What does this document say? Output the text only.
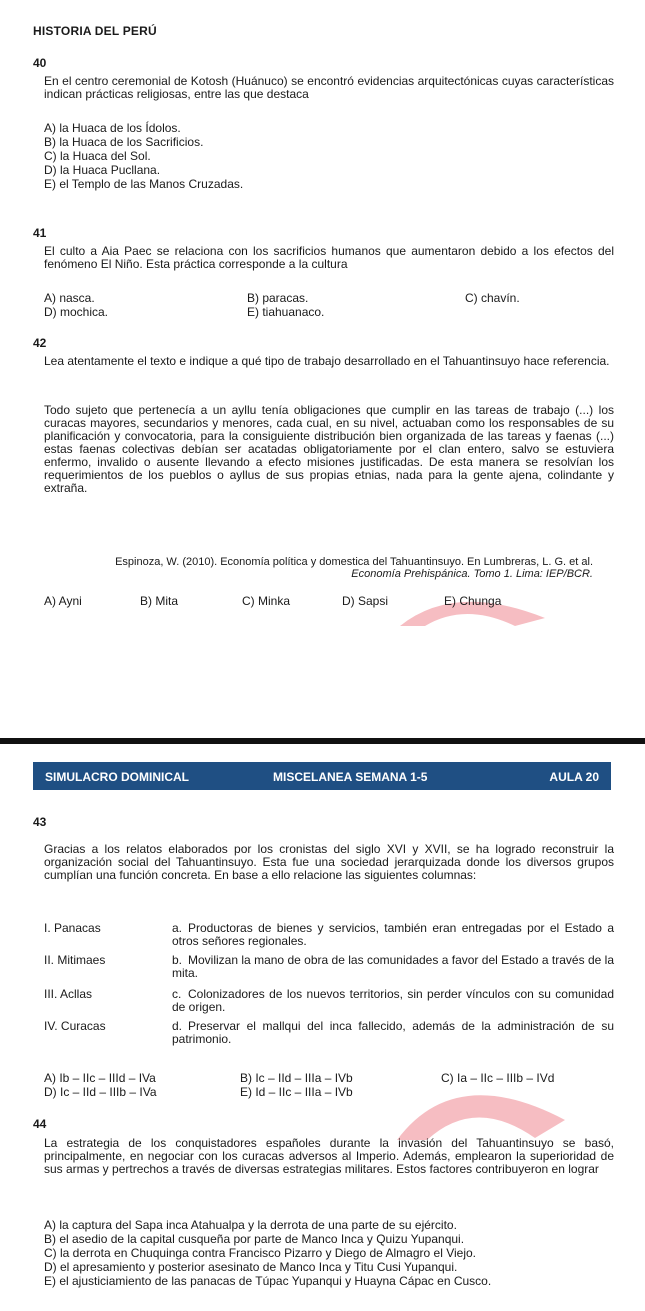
HISTORIA DEL PERÚ
40
En el centro ceremonial de Kotosh (Huánuco) se encontró evidencias arquitectónicas cuyas características indican prácticas religiosas, entre las que destaca
A) la Huaca de los Ídolos.
B) la Huaca de los Sacrificios.
C) la Huaca del Sol.
D) la Huaca Pucllana.
E) el Templo de las Manos Cruzadas.
41
El culto a Aia Paec se relaciona con los sacrificios humanos que aumentaron debido a los efectos del fenómeno El Niño. Esta práctica corresponde a la cultura
A) nasca.	B) paracas.	C) chavín.
D) mochica.	E) tiahuanaco.
42
Lea atentamente el texto e indique a qué tipo de trabajo desarrollado en el Tahuantinsuyo hace referencia.
Todo sujeto que pertenecía a un ayllu tenía obligaciones que cumplir en las tareas de trabajo (...) los curacas mayores, secundarios y menores, cada cual, en su nivel, actuaban como los responsables de su planificación y convocatoria, para la consiguiente distribución bien organizada de las tareas y faenas (...) estas faenas colectivas debían ser acatadas obligatoriamente por el clan entero, salvo se estuviera enfermo, invalido o ausente llevando a efecto misiones justificadas. De esta manera se resolvían los requerimientos de los pueblos o ayllus de sus propias etnias, nada para la gente ajena, colindante y extraña.
Espinoza, W. (2010). Economía política y domestica del Tahuantinsuyo. En Lumbreras, L. G. et al.
Economía Prehispánica. Tomo 1. Lima: IEP/BCR.
A) Ayni	B) Mita	C) Minka	D) Sapsi	E) Chunga
SIMULACRO DOMINICAL	MISCELANEA SEMANA 1-5	AULA 20
43
Gracias a los relatos elaborados por los cronistas del siglo XVI y XVII, se ha logrado reconstruir la organización social del Tahuantinsuyo. Esta fue una sociedad jerarquizada donde los diversos grupos cumplían una función concreta. En base a ello relacione las siguientes columnas:
I. Panacas	a. Productoras de bienes y servicios, también eran entregadas por el Estado a otros señores regionales.
II. Mitimaes	b. Movilizan la mano de obra de las comunidades a favor del Estado a través de la mita.
III. Acllas	c. Colonizadores de los nuevos territorios, sin perder vínculos con su comunidad de origen.
IV. Curacas	d. Preservar el mallqui del inca fallecido, además de la administración de su patrimonio.
A) Ib – IIc – IIId – IVa	B) Ic – IId – IIIa – IVb	C) Ia – IIc – IIIb – IVd
D) Ic – IId – IIIb – IVa	E) Id – IIc – IIIa – IVb
44
La estrategia de los conquistadores españoles durante la invasión del Tahuantinsuyo se basó, principalmente, en negociar con los curacas adversos al Imperio. Además, emplearon la superioridad de sus armas y pertrechos a través de diversas estrategias militares. Estos factores contribuyeron en lograr
A) la captura del Sapa inca Atahualpa y la derrota de una parte de su ejército.
B) el asedio de la capital cusqueña por parte de Manco Inca y Quizu Yupanqui.
C) la derrota en Chuquinga contra Francisco Pizarro y Diego de Almagro el Viejo.
D) el apresamiento y posterior asesinato de Manco Inca y Titu Cusi Yupanqui.
E) el ajusticiamiento de las panacas de Túpac Yupanqui y Huayna Cápac en Cusco.
